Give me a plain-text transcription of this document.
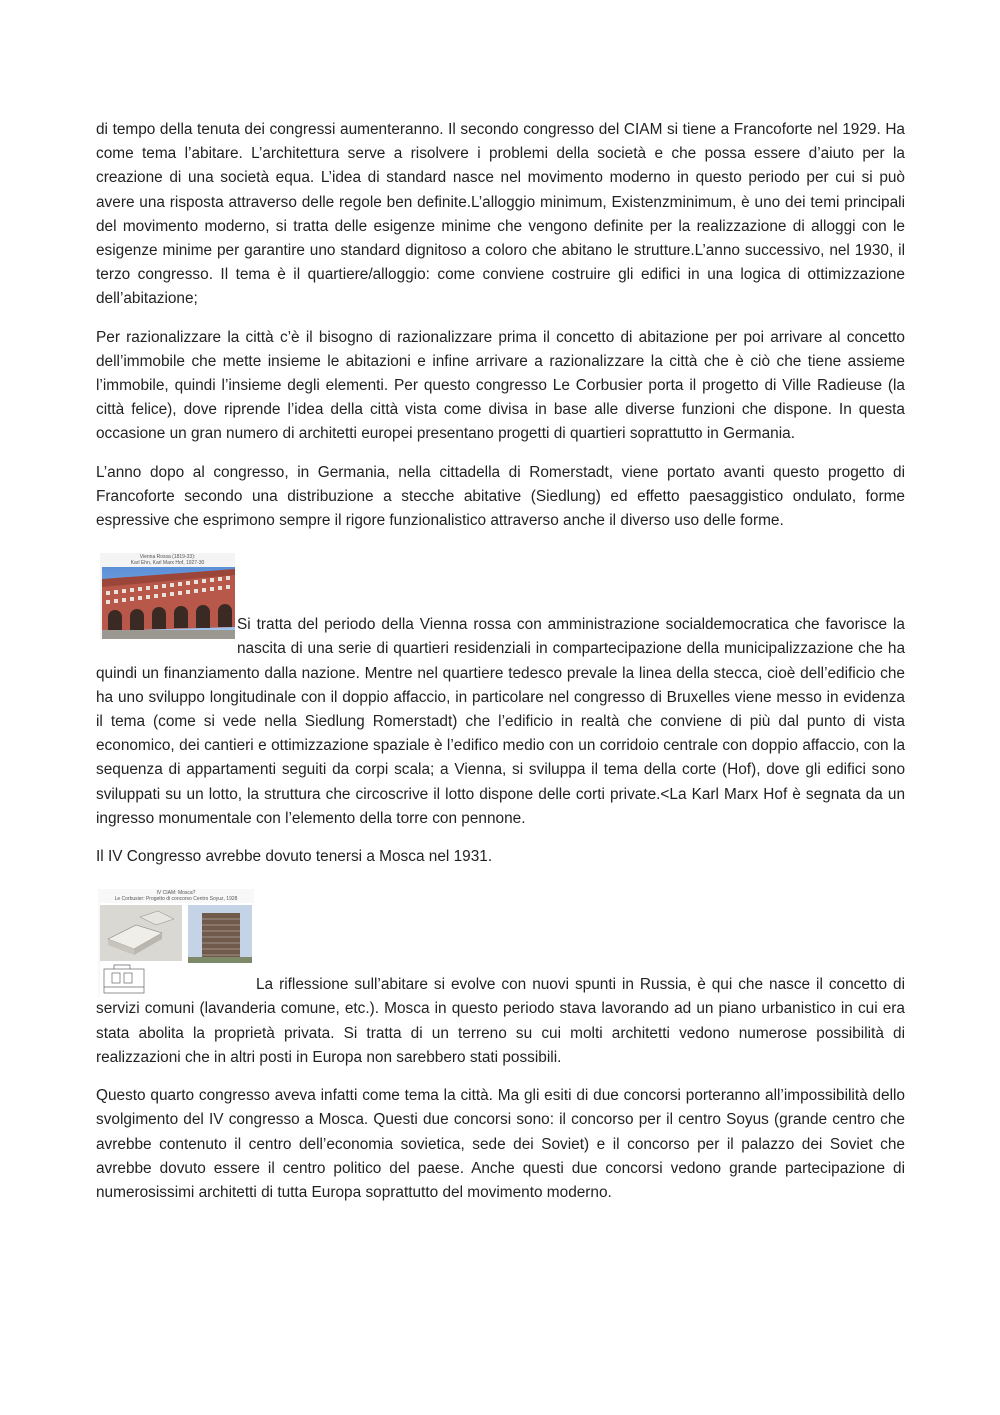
di tempo della tenuta dei congressi aumenteranno. Il secondo congresso del CIAM si tiene a Francoforte nel 1929. Ha come tema l’abitare. L’architettura serve a risolvere i problemi della società e che possa essere d’aiuto per la creazione di una società equa. L’idea di standard nasce nel movimento moderno in questo periodo per cui si può avere una risposta attraverso delle regole ben definite.L’alloggio minimum, Existenzminimum, è uno dei temi principali del movimento moderno, si tratta delle esigenze minime che vengono definite per la realizzazione di alloggi con le esigenze minime per garantire uno standard dignitoso a coloro che abitano le strutture.L’anno successivo, nel 1930, il terzo congresso. Il tema è il quartiere/alloggio: come conviene costruire gli edifici in una logica di ottimizzazione dell’abitazione;

Per razionalizzare la città c’è il bisogno di razionalizzare prima il concetto di abitazione per poi arrivare al concetto dell’immobile che mette insieme le abitazioni e infine arrivare a razionalizzare la città che è ciò che tiene assieme l’immobile, quindi l’insieme degli elementi. Per questo congresso Le Corbusier porta il progetto di Ville Radieuse (la città felice), dove riprende l’idea della città vista come divisa in base alle diverse funzioni che dispone. In questa occasione un gran numero di architetti europei presentano progetti di quartieri soprattutto in Germania.

L’anno dopo al congresso, in Germania, nella cittadella di Romerstadt, viene portato avanti questo progetto di Francoforte secondo una distribuzione a stecche abitative (Siedlung) ed effetto paesaggistico ondulato, forme espressive che esprimono sempre il rigore funzionalistico attraverso anche il diverso uso delle forme.

Vienna Rossa (1819-33):
Karl Ehn, Karl Marx Hof, 1927-30

Si tratta del periodo della Vienna rossa con amministrazione socialdemocratica che favorisce la nascita di una serie di quartieri residenziali in compartecipazione della municipalizzazione che ha quindi un finanziamento dalla nazione. Mentre nel quartiere tedesco prevale la linea della stecca, cioè dell’edificio che ha uno sviluppo longitudinale con il doppio affaccio, in particolare nel congresso di Bruxelles viene messo in evidenza il tema (come si vede nella Siedlung Romerstadt) che l’edificio in realtà che conviene di più dal punto di vista economico, dei cantieri e ottimizzazione spaziale è l’edifico medio con un corridoio centrale con doppio affaccio, con la sequenza di appartamenti seguiti da corpi scala; a Vienna, si sviluppa il tema della corte (Hof), dove gli edifici sono sviluppati su un lotto, la struttura che circoscrive il lotto dispone delle corti private.<La Karl Marx Hof è segnata da un ingresso monumentale con l’elemento della torre con pennone.

Il IV Congresso avrebbe dovuto tenersi a Mosca nel 1931.

IV CIAM: Mosca?
Le Corbusier: Progetto di concorso Centro Soyuz, 1928

La riflessione sull’abitare si evolve con nuovi spunti in Russia, è qui che nasce il concetto di servizi comuni (lavanderia comune, etc.). Mosca in questo periodo stava lavorando ad un piano urbanistico in cui era stata abolita la proprietà privata. Si tratta di un terreno su cui molti architetti vedono numerose possibilità di realizzazioni che in altri posti in Europa non sarebbero stati possibili.

Questo quarto congresso aveva infatti come tema la città. Ma gli esiti di due concorsi porteranno all’impossibilità dello svolgimento del IV congresso a Mosca. Questi due concorsi sono: il concorso per il centro Soyus (grande centro che avrebbe contenuto il centro dell’economia sovietica, sede dei Soviet) e il concorso per il palazzo dei Soviet che avrebbe dovuto essere il centro politico del paese. Anche questi due concorsi vedono grande partecipazione di numerosissimi architetti di tutta Europa soprattutto del movimento moderno.
